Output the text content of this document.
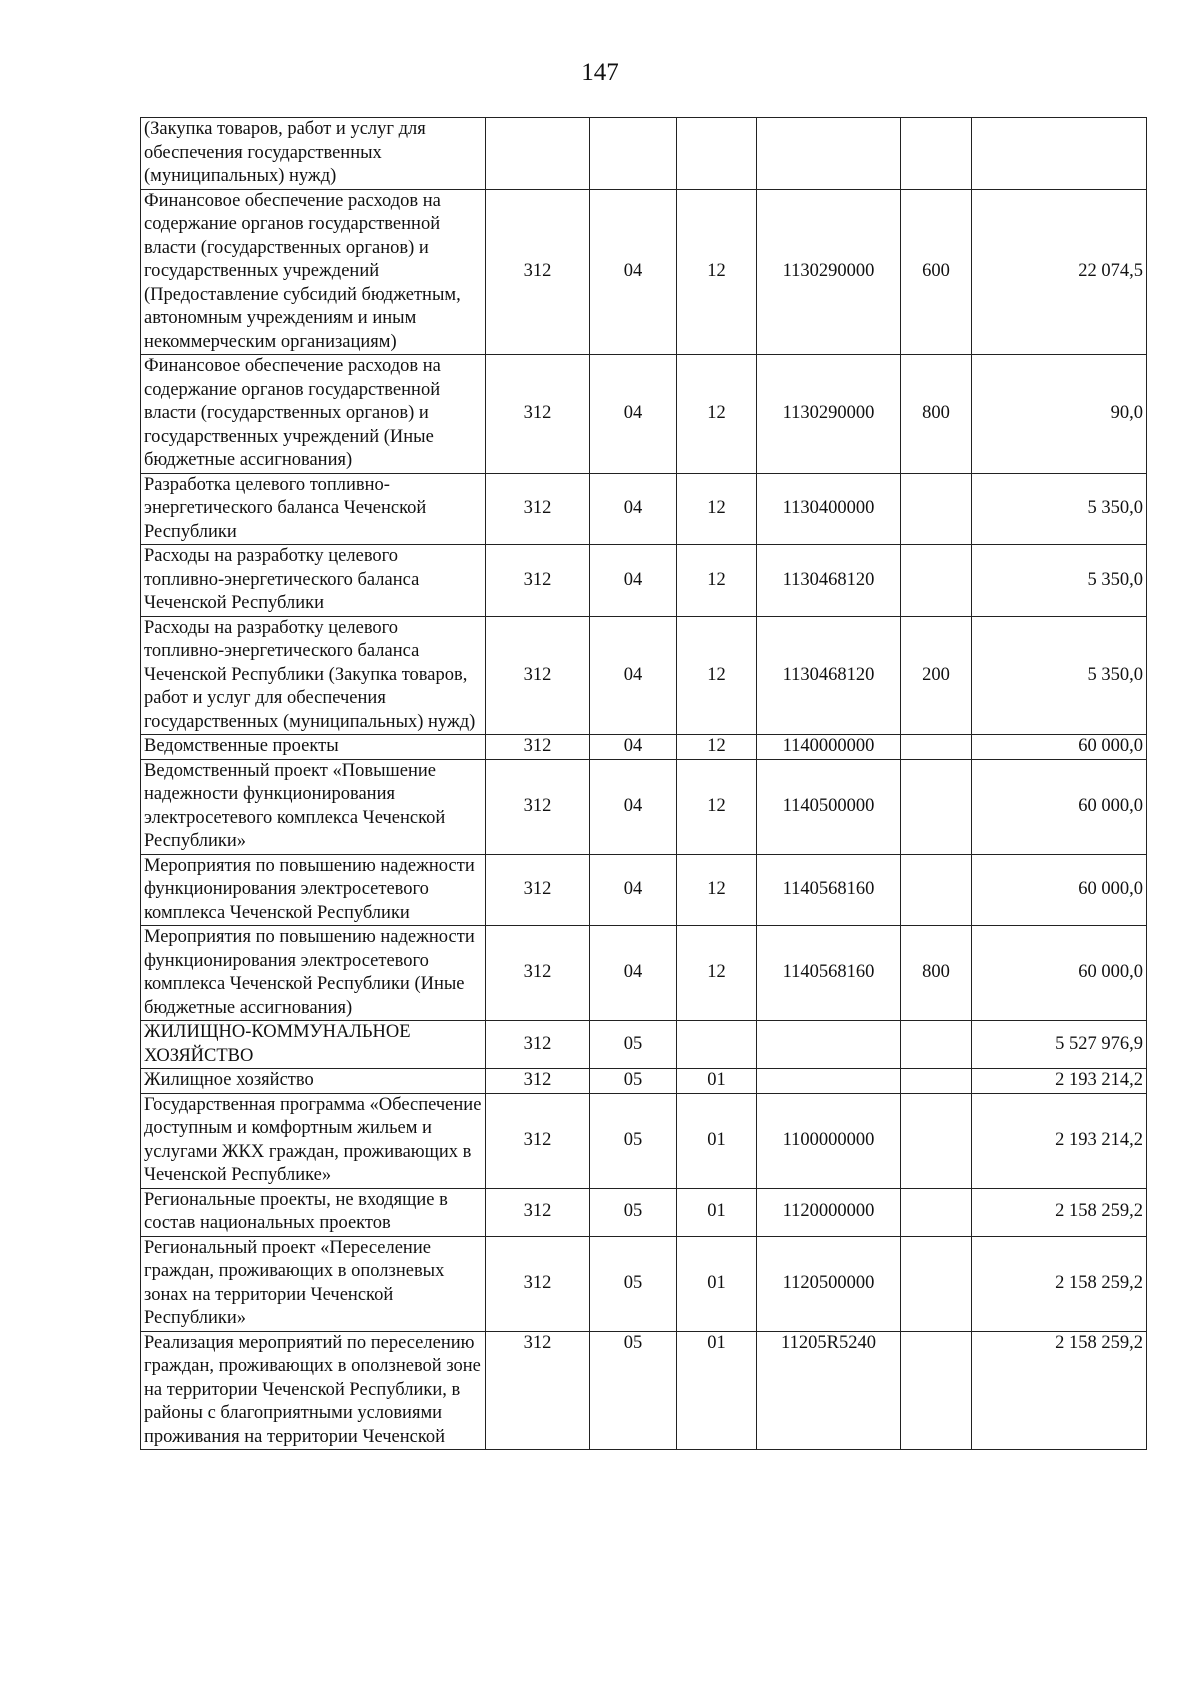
147
(Закупка товаров, работ и услуг для обеспечения государственных (муниципальных) нужд)						
Финансовое обеспечение расходов на содержание органов государственной власти (государственных органов) и государственных учреждений (Предоставление субсидий бюджетным, автономным учреждениям и иным некоммерческим организациям)	312	04	12	1130290000	600	22 074,5
Финансовое обеспечение расходов на содержание органов государственной власти (государственных органов) и государственных учреждений (Иные бюджетные ассигнования)	312	04	12	1130290000	800	90,0
Разработка целевого топливно-энергетического баланса Чеченской Республики	312	04	12	1130400000		5 350,0
Расходы на разработку целевого топливно-энергетического баланса Чеченской Республики	312	04	12	1130468120		5 350,0
Расходы на разработку целевого топливно-энергетического баланса Чеченской Республики (Закупка товаров, работ и услуг для обеспечения государственных (муниципальных) нужд)	312	04	12	1130468120	200	5 350,0
Ведомственные проекты	312	04	12	1140000000		60 000,0
Ведомственный проект «Повышение надежности функционирования электросетевого комплекса Чеченской Республики»	312	04	12	1140500000		60 000,0
Мероприятия по повышению надежности функционирования электросетевого комплекса Чеченской Республики	312	04	12	1140568160		60 000,0
Мероприятия по повышению надежности функционирования электросетевого комплекса Чеченской Республики (Иные бюджетные ассигнования)	312	04	12	1140568160	800	60 000,0
ЖИЛИЩНО-КОММУНАЛЬНОЕ ХОЗЯЙСТВО	312	05				5 527 976,9
Жилищное хозяйство	312	05	01			2 193 214,2
Государственная программа «Обеспечение доступным и комфортным жильем и услугами ЖКХ граждан, проживающих в Чеченской Республике»	312	05	01	1100000000		2 193 214,2
Региональные проекты, не входящие в состав национальных проектов	312	05	01	1120000000		2 158 259,2
Региональный проект «Переселение граждан, проживающих в оползневых зонах на территории Чеченской Республики»	312	05	01	1120500000		2 158 259,2
Реализация мероприятий по переселению граждан, проживающих в оползневой зоне на территории Чеченской Республики, в районы с благоприятными условиями проживания на территории Чеченской	312	05	01	11205R5240		2 158 259,2
